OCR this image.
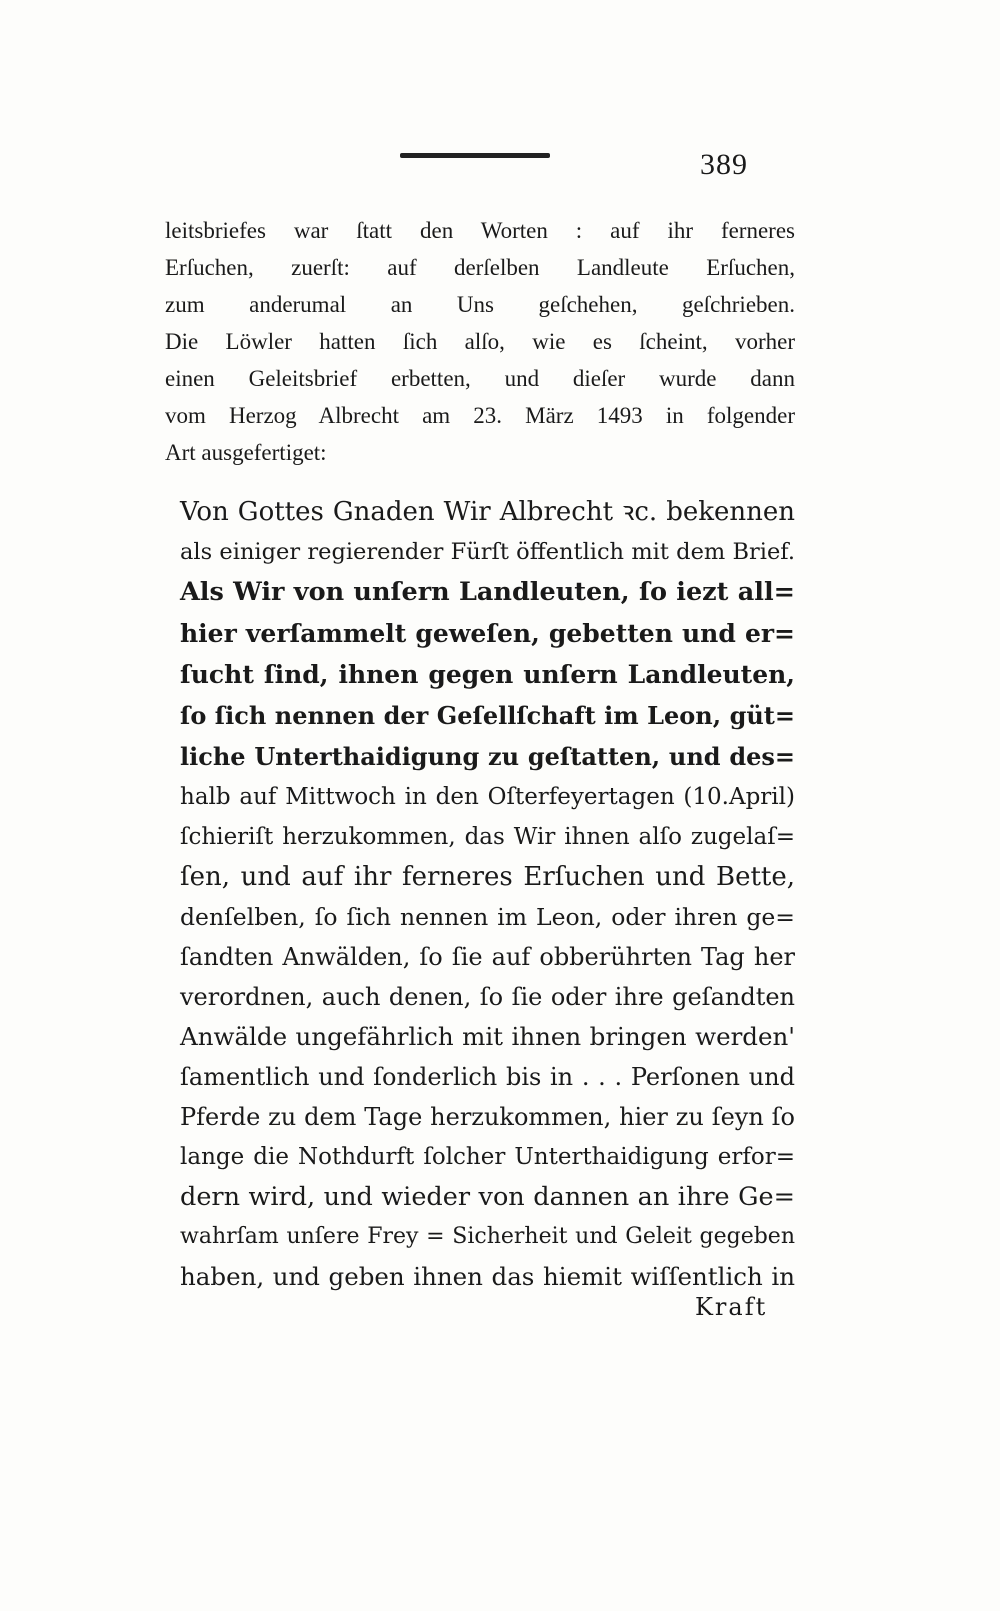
389
leitsbriefes war ſtatt den Worten : auf ihr ferneres
Erſuchen, zuerſt: auf derſelben Landleute Erſuchen,
zum anderumal an Uns geſchehen, geſchrieben.
Die Löwler hatten ſich alſo, wie es ſcheint, vorher
einen Geleitsbrief erbetten, und dieſer wurde dann
vom Herzog Albrecht am 23. März 1493 in folgender
Art ausgefertiget:
Von Gottes Gnaden Wir Albrecht ꝛc. bekennen
als einiger regierender Fürſt öffentlich mit dem Brief.
Als Wir von unſern Landleuten, ſo iezt all=
hier verſammelt geweſen, gebetten und er=
ſucht ſind, ihnen gegen unſern Landleuten,
ſo ſich nennen der Geſellſchaft im Leon, güt=
liche Unterthaidigung zu geſtatten, und des=
halb auf Mittwoch in den Oſterfeyertagen (10.April)
ſchieriſt herzukommen, das Wir ihnen alſo zugelaſ=
ſen, und auf ihr ferneres Erſuchen und Bette,
denſelben, ſo ſich nennen im Leon, oder ihren ge=
ſandten Anwälden, ſo ſie auf obberührten Tag her
verordnen, auch denen, ſo ſie oder ihre geſandten
Anwälde ungefährlich mit ihnen bringen werden'
ſamentlich und ſonderlich bis in . . . Perſonen und
Pferde zu dem Tage herzukommen, hier zu ſeyn ſo
lange die Nothdurft ſolcher Unterthaidigung erfor=
dern wird, und wieder von dannen an ihre Ge=
wahrſam unſere Frey = Sicherheit und Geleit gegeben
haben, und geben ihnen das hiemit wiſſentlich in
Kraft
